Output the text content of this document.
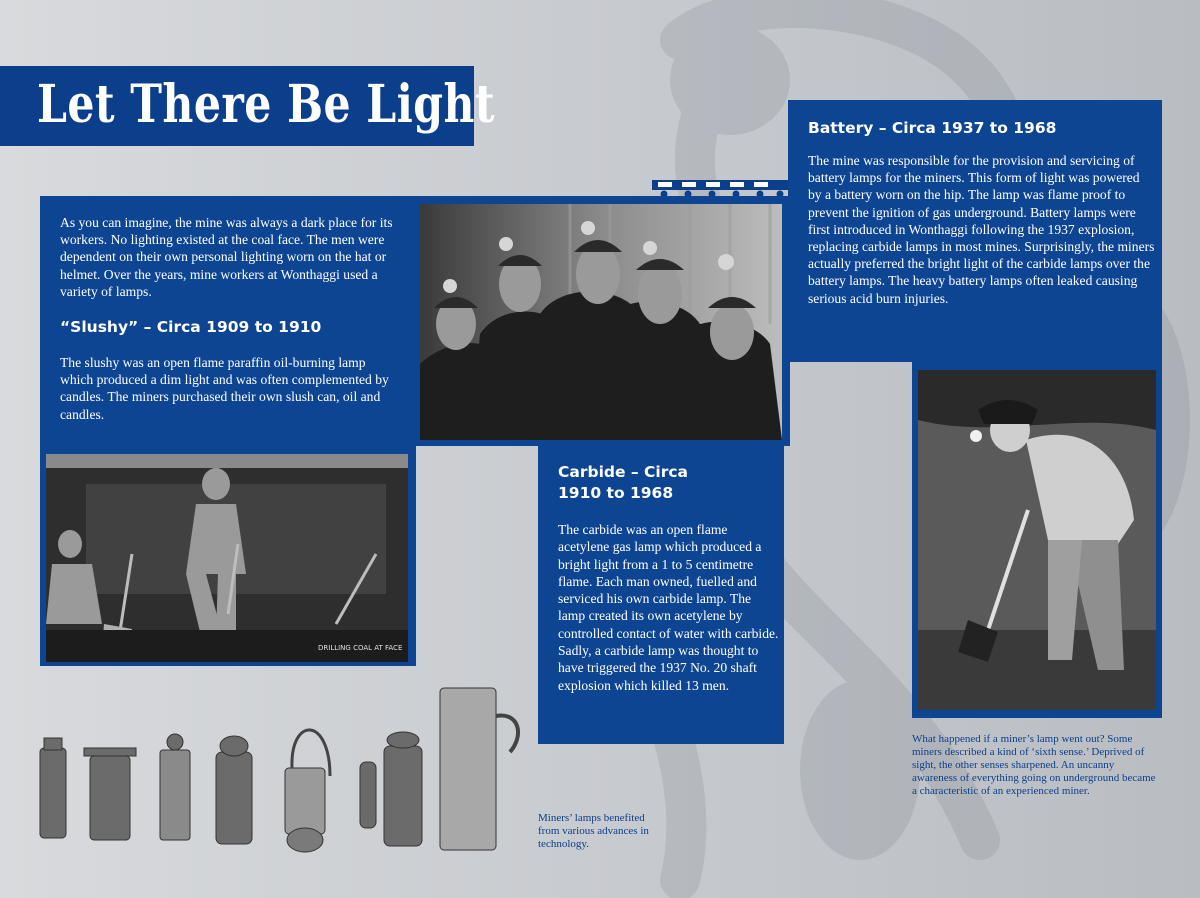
Let There Be Light

As you can imagine, the mine was always a dark place for its workers. No lighting existed at the coal face. The men were dependent on their own personal lighting worn on the hat or helmet. Over the years, mine workers at Wonthaggi used a variety of lamps.

“Slushy” – Circa 1909 to 1910

The slushy was an open flame paraffin oil-burning lamp which produced a dim light and was often complemented by candles. The miners purchased their own slush can, oil and candles.

DRILLING COAL AT FACE
Carbide – Circa
1910 to 1968

The carbide was an open flame acetylene gas lamp which produced a bright light from a 1 to 5 centimetre flame. Each man owned, fuelled and serviced his own carbide lamp. The lamp created its own acetylene by controlled contact of water with carbide. Sadly, a carbide lamp was thought to have triggered the 1937 No. 20 shaft explosion which killed 13 men.

Battery – Circa 1937 to 1968

The mine was responsible for the provision and servicing of battery lamps for the miners. This form of light was powered by a battery worn on the hip. The lamp was flame proof to prevent the ignition of gas underground. Battery lamps were first introduced in Wonthaggi following the 1937 explosion, replacing carbide lamps in most mines. Surprisingly, the miners actually preferred the bright light of the carbide lamps over the battery lamps. The heavy battery lamps often leaked causing serious acid burn injuries.

Miners’ lamps benefited from various advances in technology.

What happened if a miner’s lamp went out? Some miners described a kind of ‘sixth sense.’ Deprived of sight, the other senses sharpened. An uncanny awareness of everything going on underground became a characteristic of an experienced miner.
